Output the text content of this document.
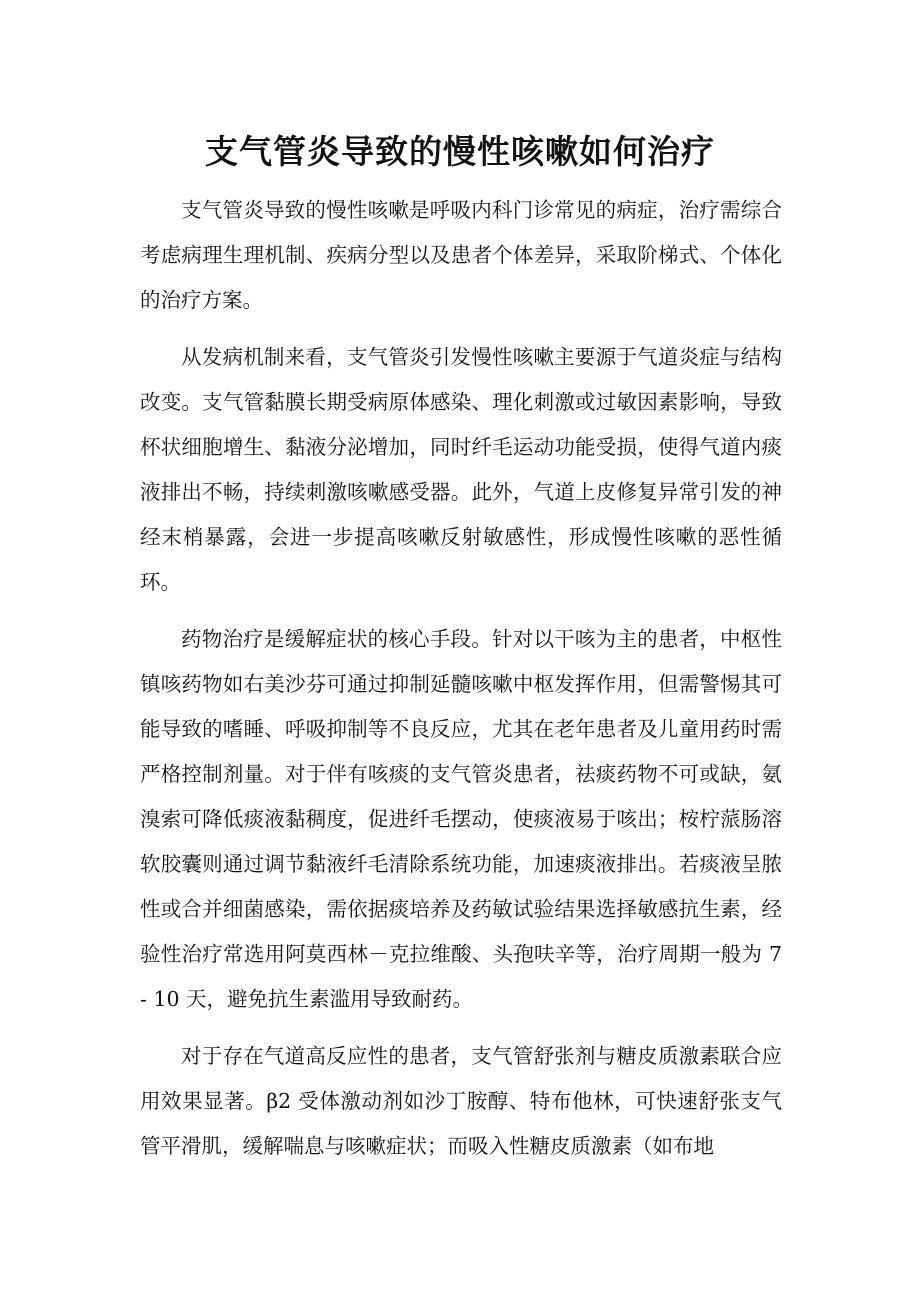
支气管炎导致的慢性咳嗽如何治疗

支气管炎导致的慢性咳嗽是呼吸内科门诊常见的病症，治疗需综合考虑病理生理机制、疾病分型以及患者个体差异，采取阶梯式、个体化的治疗方案。

从发病机制来看，支气管炎引发慢性咳嗽主要源于气道炎症与结构改变。支气管黏膜长期受病原体感染、理化刺激或过敏因素影响，导致杯状细胞增生、黏液分泌增加，同时纤毛运动功能受损，使得气道内痰液排出不畅，持续刺激咳嗽感受器。此外，气道上皮修复异常引发的神经末梢暴露，会进一步提高咳嗽反射敏感性，形成慢性咳嗽的恶性循环。

药物治疗是缓解症状的核心手段。针对以干咳为主的患者，中枢性镇咳药物如右美沙芬可通过抑制延髓咳嗽中枢发挥作用，但需警惕其可能导致的嗜睡、呼吸抑制等不良反应，尤其在老年患者及儿童用药时需严格控制剂量。对于伴有咳痰的支气管炎患者，祛痰药物不可或缺，氨溴索可降低痰液黏稠度，促进纤毛摆动，使痰液易于咳出；桉柠蒎肠溶软胶囊则通过调节黏液纤毛清除系统功能，加速痰液排出。若痰液呈脓性或合并细菌感染，需依据痰培养及药敏试验结果选择敏感抗生素，经验性治疗常选用阿莫西林－克拉维酸、头孢呋辛等，治疗周期一般为 7 - 10 天，避免抗生素滥用导致耐药。

对于存在气道高反应性的患者，支气管舒张剂与糖皮质激素联合应用效果显著。β2 受体激动剂如沙丁胺醇、特布他林，可快速舒张支气管平滑肌，缓解喘息与咳嗽症状；而吸入性糖皮质激素（如布地
